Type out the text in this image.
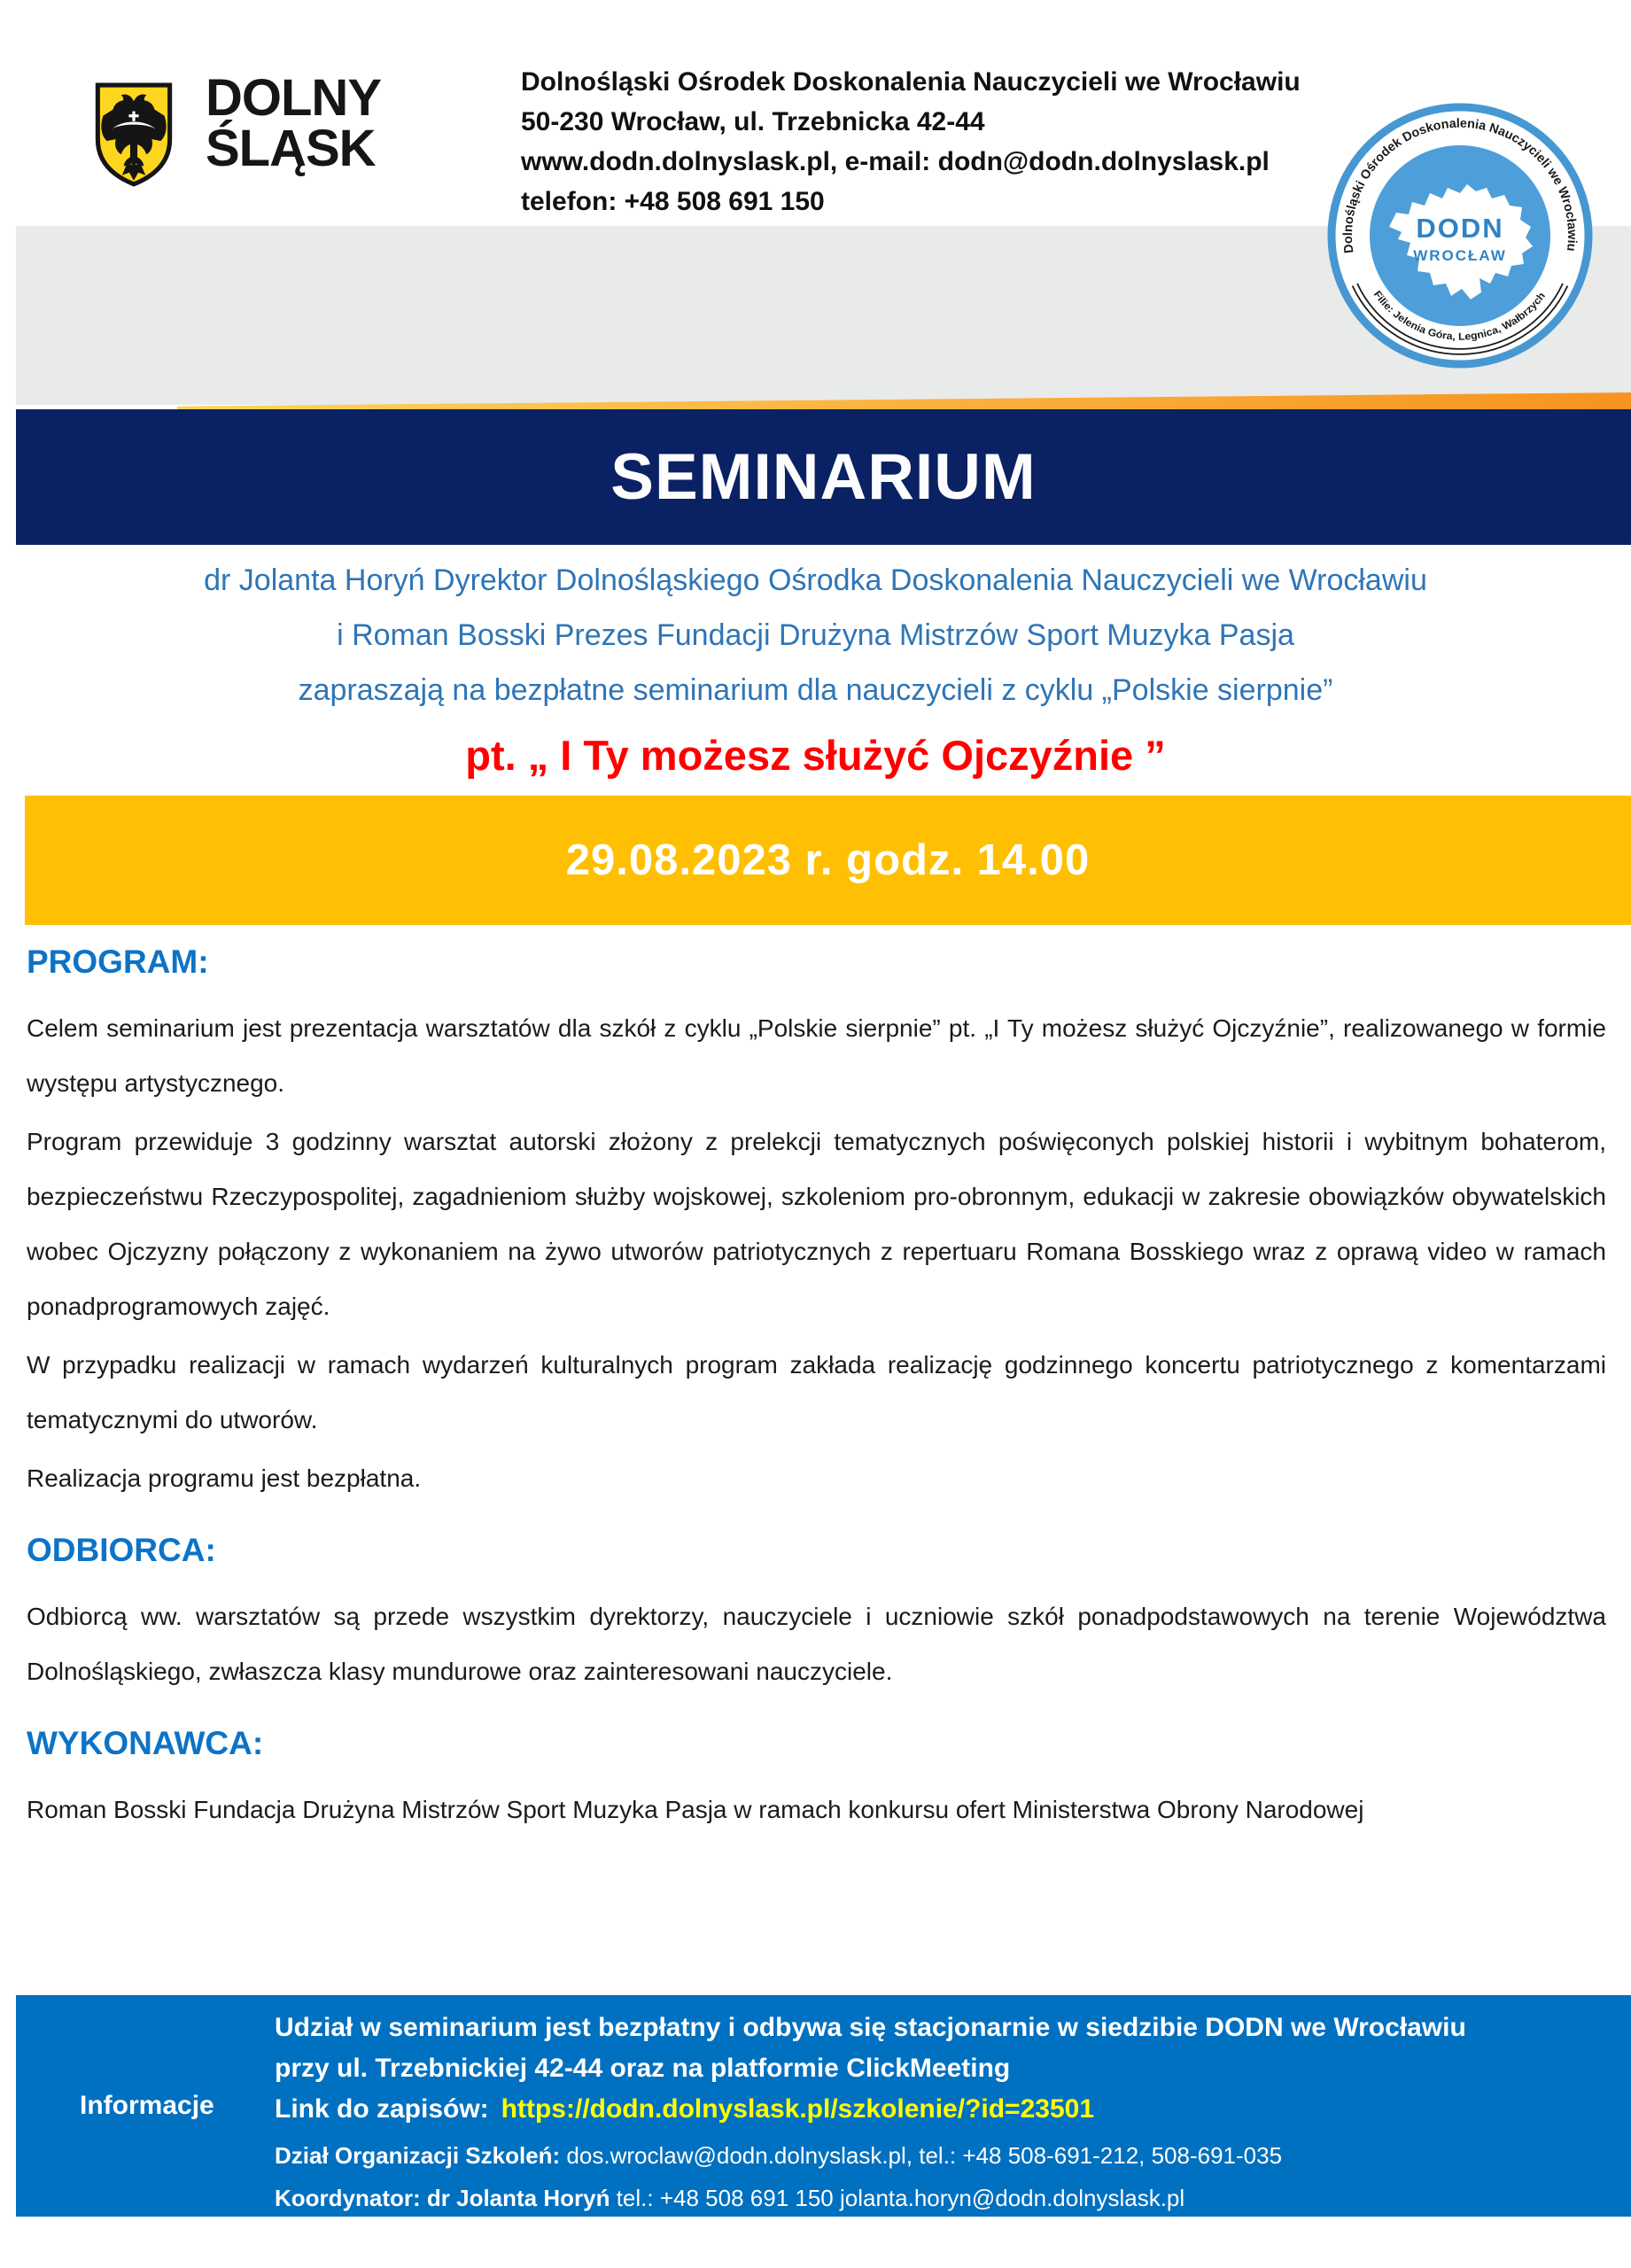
DOLNY
ŚLĄSK
Dolnośląski Ośrodek Doskonalenia Nauczycieli we Wrocławiu
50-230 Wrocław, ul. Trzebnicka 42-44
www.dodn.dolnyslask.pl, e-mail: dodn@dodn.dolnyslask.pl
telefon: +48 508 691 150
DODN
WROCŁAW
Dolnośląski Ośrodek Doskonalenia Nauczycieli we Wrocławiu
Filie: Jelenia Góra, Legnica, Wałbrzych
SEMINARIUM
dr Jolanta Horyń Dyrektor Dolnośląskiego Ośrodka Doskonalenia Nauczycieli we Wrocławiu
i Roman Bosski Prezes Fundacji Drużyna Mistrzów Sport Muzyka Pasja
zapraszają na bezpłatne seminarium dla nauczycieli z cyklu „Polskie sierpnie”
pt. „ I Ty możesz służyć Ojczyźnie ”
29.08.2023 r. godz. 14.00
PROGRAM:

Celem seminarium jest prezentacja warsztatów dla szkół z cyklu „Polskie sierpnie” pt. „I Ty możesz służyć Ojczyźnie”, realizowanego w formie występu artystycznego.

Program przewiduje 3 godzinny warsztat autorski złożony z prelekcji tematycznych poświęconych polskiej historii i wybitnym bohaterom, bezpieczeństwu Rzeczypospolitej, zagadnieniom służby wojskowej, szkoleniom pro-obronnym, edukacji w zakresie obowiązków obywatelskich wobec Ojczyzny połączony z wykonaniem na żywo utworów patriotycznych z repertuaru Romana Bosskiego wraz z oprawą video w ramach ponadprogramowych zajęć.

W przypadku realizacji w ramach wydarzeń kulturalnych program zakłada realizację godzinnego koncertu patriotycznego z komentarzami tematycznymi do utworów.

Realizacja programu jest bezpłatna.

ODBIORCA:

Odbiorcą ww. warsztatów są przede wszystkim dyrektorzy, nauczyciele i uczniowie szkół ponadpodstawowych na terenie Województwa Dolnośląskiego, zwłaszcza klasy mundurowe oraz zainteresowani nauczyciele.

WYKONAWCA:

Roman Bosski Fundacja Drużyna Mistrzów Sport Muzyka Pasja w ramach konkursu ofert Ministerstwa Obrony Narodowej

Informacje
Udział w seminarium jest bezpłatny i odbywa się stacjonarnie w siedzibie DODN we Wrocławiu
przy ul. Trzebnickiej 42-44 oraz na platformie ClickMeeting
Link do zapisów: https://dodn.dolnyslask.pl/szkolenie/?id=23501
Dział Organizacji Szkoleń: dos.wroclaw@dodn.dolnyslask.pl, tel.: +48 508-691-212, 508-691-035
Koordynator: dr Jolanta Horyń tel.: +48 508 691 150 jolanta.horyn@dodn.dolnyslask.pl
